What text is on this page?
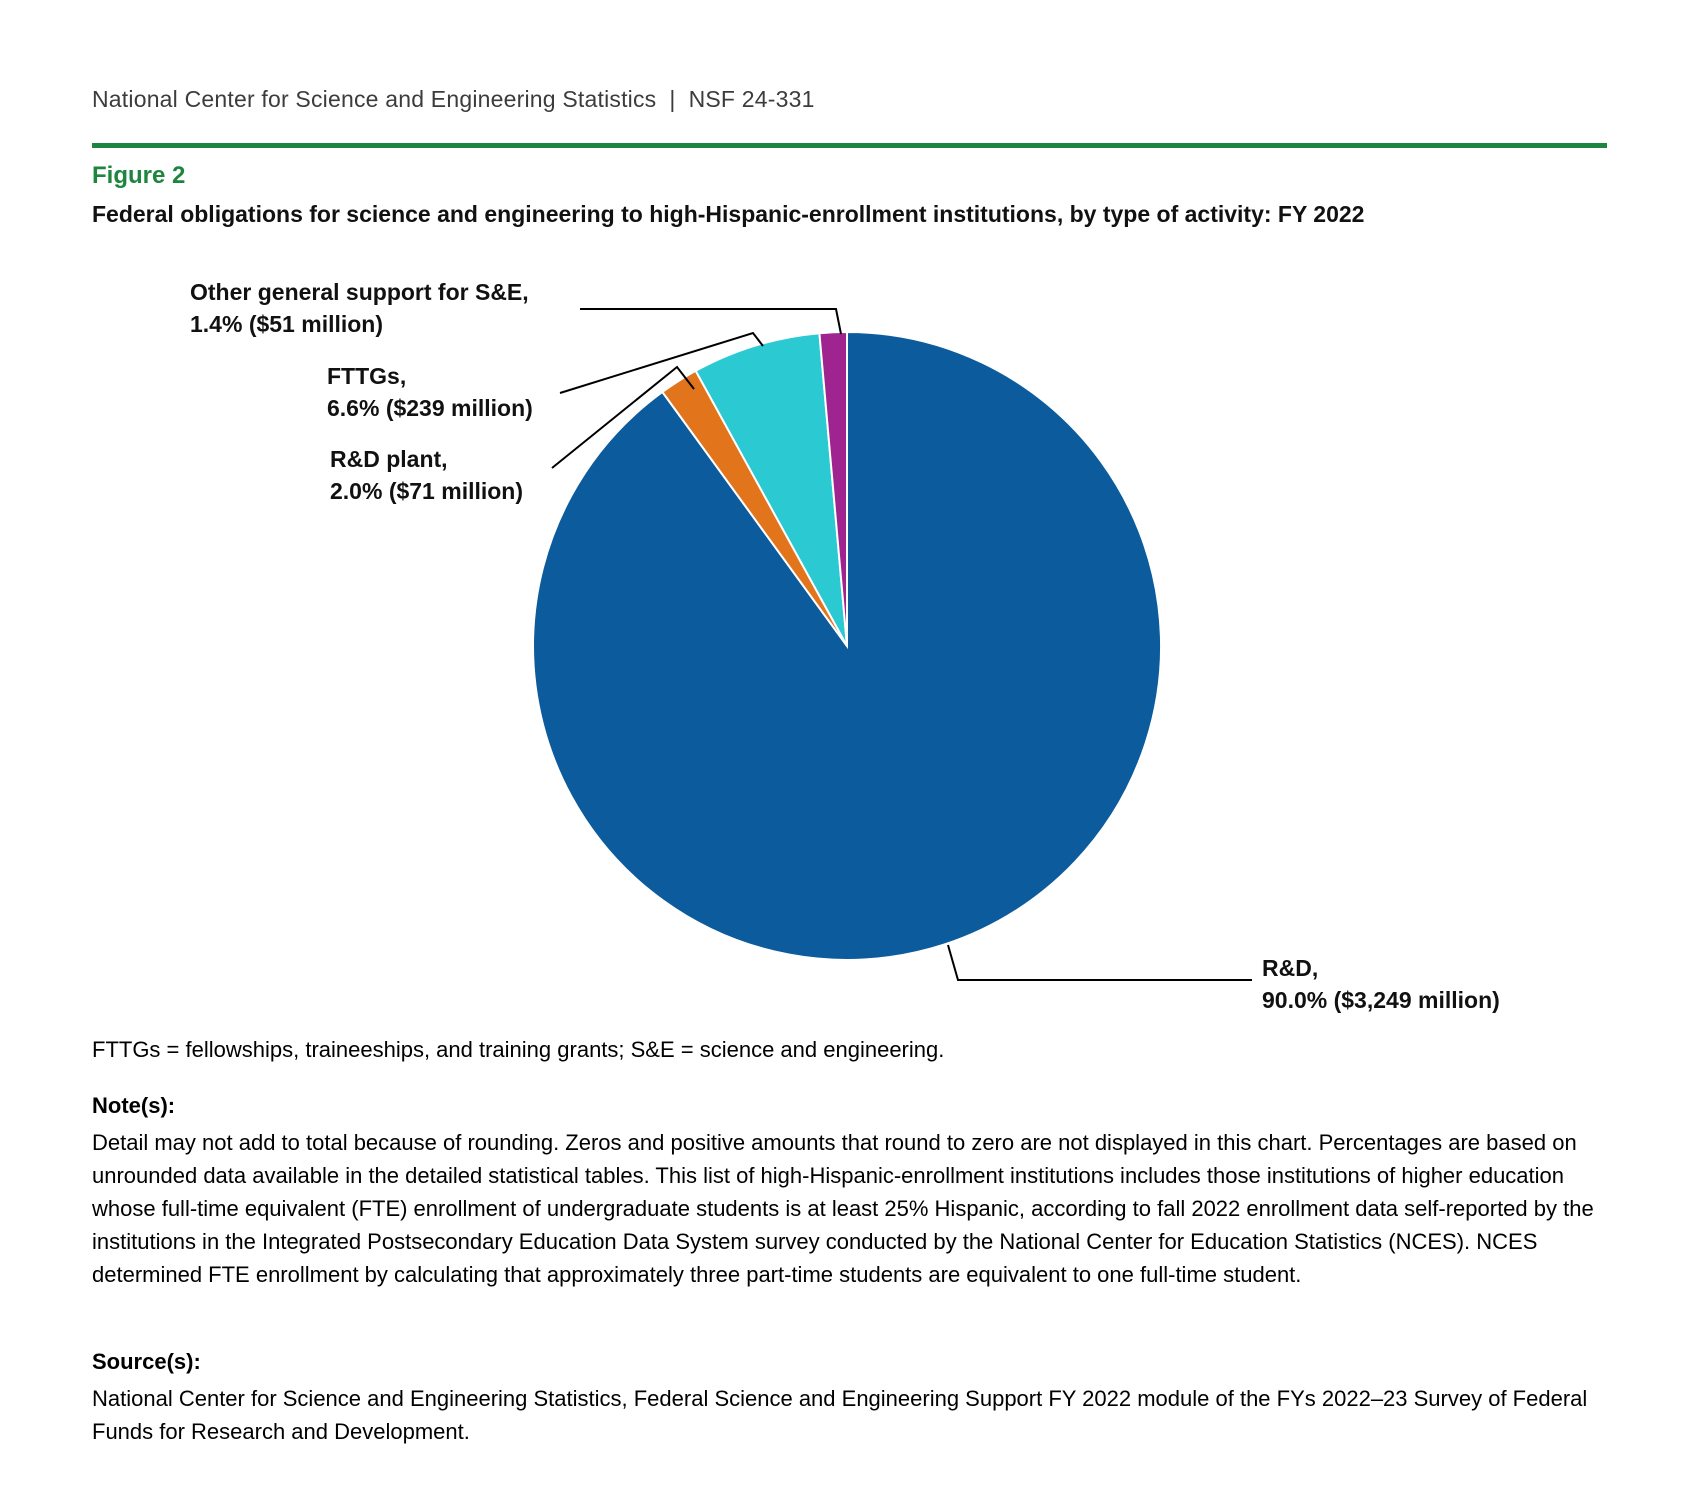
National Center for Science and Engineering Statistics | NSF 24-331
Figure 2
Federal obligations for science and engineering to high-Hispanic-enrollment institutions, by type of activity: FY 2022
Other general support for S&E,
1.4% ($51 million)
FTTGs,
6.6% ($239 million)
R&D plant,
2.0% ($71 million)
R&D,
90.0% ($3,249 million)
FTTGs = fellowships, traineeships, and training grants; S&E = science and engineering.
Note(s):
Detail may not add to total because of rounding. Zeros and positive amounts that round to zero are not displayed in this chart. Percentages are based on unrounded data available in the detailed statistical tables. This list of high-Hispanic-enrollment institutions includes those institutions of higher education whose full-time equivalent (FTE) enrollment of undergraduate students is at least 25% Hispanic, according to fall 2022 enrollment data self-reported by the institutions in the Integrated Postsecondary Education Data System survey conducted by the National Center for Education Statistics (NCES). NCES determined FTE enrollment by calculating that approximately three part-time students are equivalent to one full-time student.
Source(s):
National Center for Science and Engineering Statistics, Federal Science and Engineering Support FY 2022 module of the FYs 2022–23 Survey of Federal Funds for Research and Development.
